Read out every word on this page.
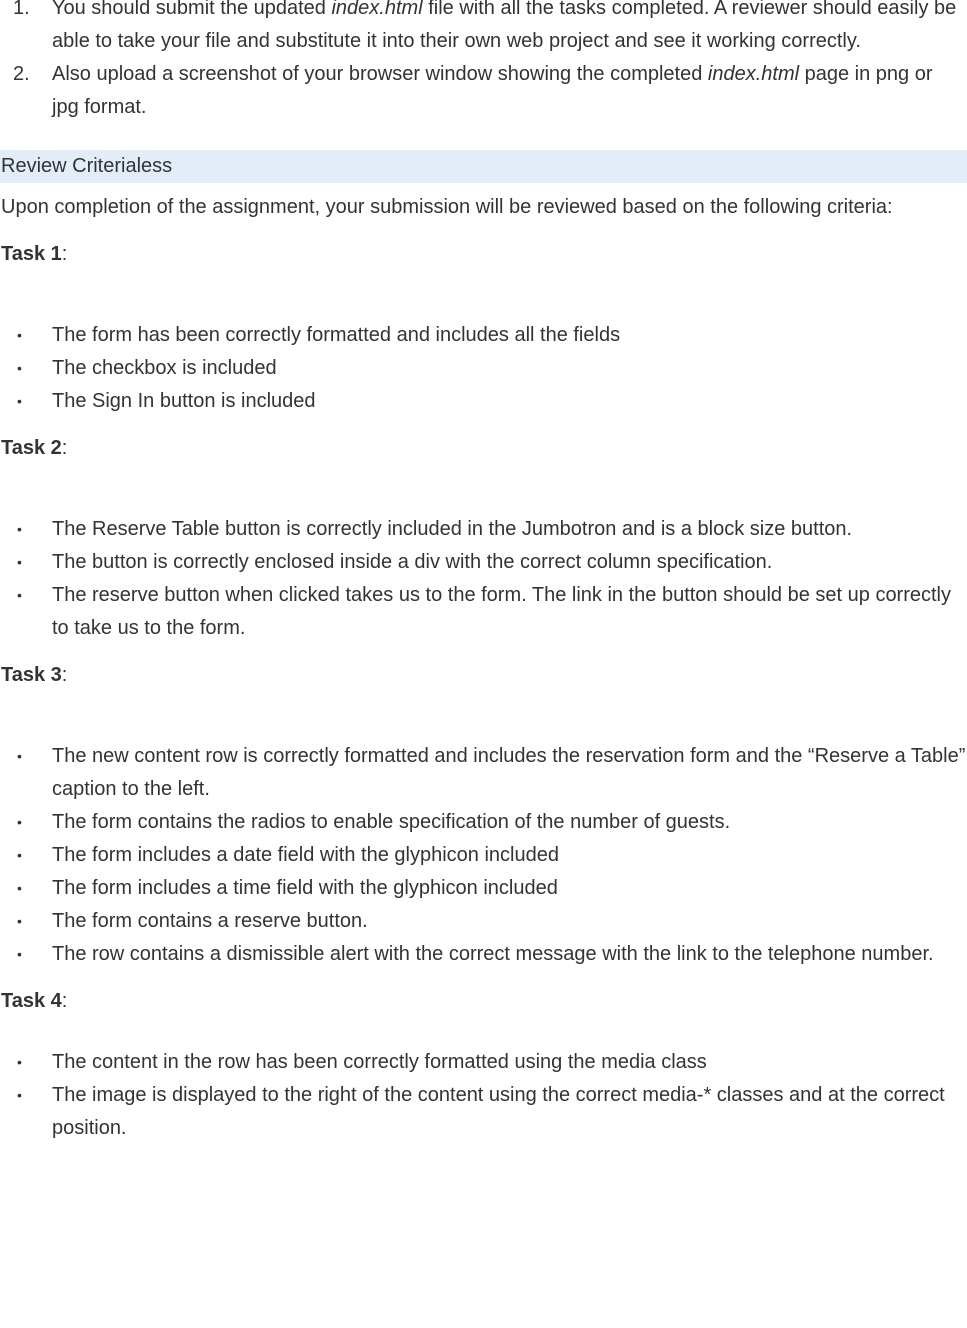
1. You should submit the updated index.html file with all the tasks completed. A reviewer should easily be able to take your file and substitute it into their own web project and see it working correctly.
2. Also upload a screenshot of your browser window showing the completed index.html page in png or jpg format.
Review Criterialess

Upon completion of the assignment, your submission will be reviewed based on the following criteria:

Task 1:
• The form has been correctly formatted and includes all the fields
• The checkbox is included
• The Sign In button is included
Task 2:
• The Reserve Table button is correctly included in the Jumbotron and is a block size button.
• The button is correctly enclosed inside a div with the correct column specification.
• The reserve button when clicked takes us to the form. The link in the button should be set up correctly to take us to the form.
Task 3:
• The new content row is correctly formatted and includes the reservation form and the “Reserve a Table” caption to the left.
• The form contains the radios to enable specification of the number of guests.
• The form includes a date field with the glyphicon included
• The form includes a time field with the glyphicon included
• The form contains a reserve button.
• The row contains a dismissible alert with the correct message with the link to the telephone number.
Task 4:
• The content in the row has been correctly formatted using the media class
• The image is displayed to the right of the content using the correct media-* classes and at the correct position.
